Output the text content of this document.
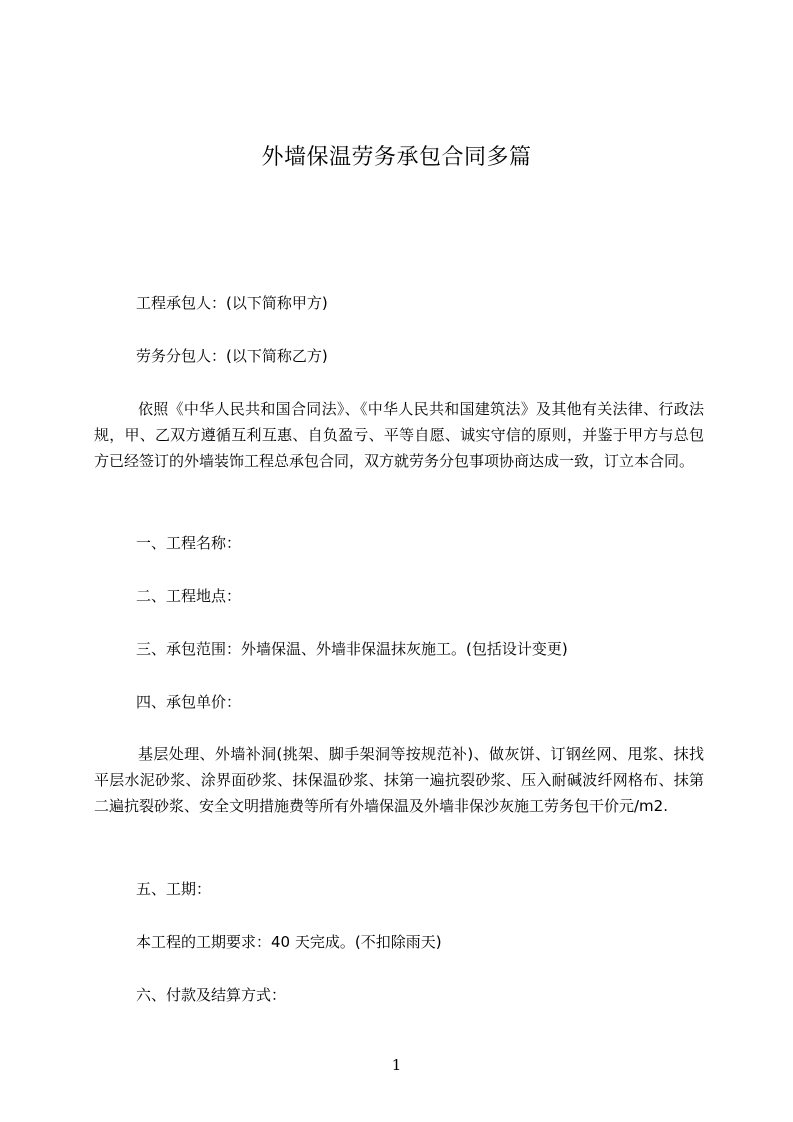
外墙保温劳务承包合同多篇
工程承包人：(以下简称甲方)
劳务分包人：(以下简称乙方)
依照《中华人民共和国合同法》、《中华人民共和国建筑法》及其他有关法律、行政法规，甲、乙双方遵循互利互惠、自负盈亏、平等自愿、诚实守信的原则，并鉴于甲方与总包方已经签订的外墙装饰工程总承包合同，双方就劳务分包事项协商达成一致，订立本合同。
一、工程名称：
二、工程地点：
三、承包范围：外墙保温、外墙非保温抹灰施工。(包括设计变更)
四、承包单价：
基层处理、外墙补洞(挑架、脚手架洞等按规范补)、做灰饼、订钢丝网、甩浆、抹找平层水泥砂浆、涂界面砂浆、抹保温砂浆、抹第一遍抗裂砂浆、压入耐碱波纤网格布、抹第二遍抗裂砂浆、安全文明措施费等所有外墙保温及外墙非保沙灰施工劳务包干价元/m2.
五、工期：
本工程的工期要求：40 天完成。(不扣除雨天)
六、付款及结算方式：
1
